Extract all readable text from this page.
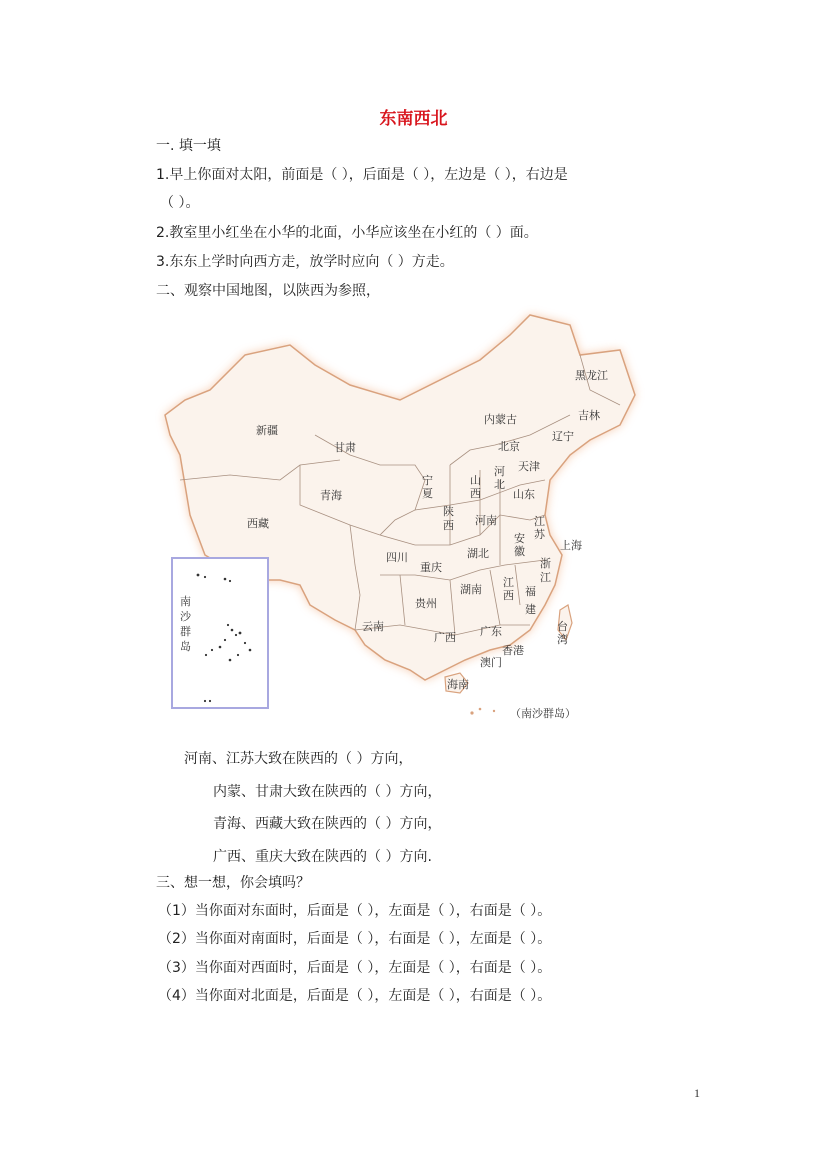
东南西北
一. 填一填
1.早上你面对太阳，前面是（ ），后面是（ ），左边是（ ），右边是
（ ）。
2.教室里小红坐在小华的北面，小华应该坐在小红的（ ）面。
3.东东上学时向西方走，放学时应向（ ）方走。
二、观察中国地图，以陕西为参照，
黑龙江
吉林
辽宁
内蒙古
北京
天津
河
北
山
西	山东
新疆
甘肃
宁
夏
青海
陕
西 河南	江
苏
上海
安
徽
西藏
四川	湖北
重庆	浙
江
贵州
湖南
江
西 福
建
台
湾
云南
广西 广东
香港
澳门
海南
南
沙
群
岛
（南沙群岛）
河南、江苏大致在陕西的（ ）方向，
内蒙、甘肃大致在陕西的（ ）方向，
青海、西藏大致在陕西的（ ）方向，
广西、重庆大致在陕西的（ ）方向.
三、想一想，你会填吗？
（1）当你面对东面时，后面是（ ），左面是（ ），右面是（ ）。
（2）当你面对南面时，后面是（ ），右面是（ ），左面是（ ）。
（3）当你面对西面时，后面是（ ），左面是（ ），右面是（ ）。
（4）当你面对北面是，后面是（ ），左面是（ ），右面是（ ）。
1
